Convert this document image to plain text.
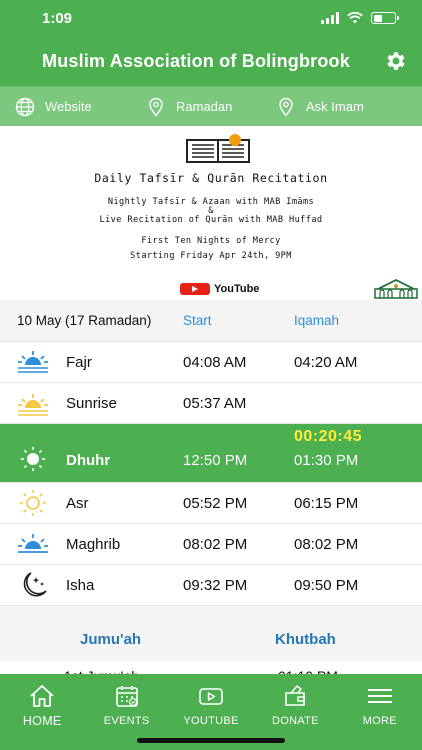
1:09
Muslim Association of Bolingbrook
Website	Ramadan	Ask Imam
Daily Tafsīr & Qurān Recitation
Nightly Tafsīr & Azaan with MAB Imāms
&
Live Recitation of Qurān with MAB Huffad
First Ten Nights of Mercy
Starting Friday Apr 24th, 9PM
YouTube
10 May (17 Ramadan) Start	Iqamah
Fajr	04:08 AM	04:20 AM
Sunrise	05:37 AM
00:20:45
Dhuhr	12:50 PM	01:30 PM
Asr	05:52 PM	06:15 PM
Maghrib	08:02 PM	08:02 PM
Isha	09:32 PM	09:50 PM
Jumu'ah	Khutbah
HOME	EVENTS	YOUTUBE	DONATE	MORE
